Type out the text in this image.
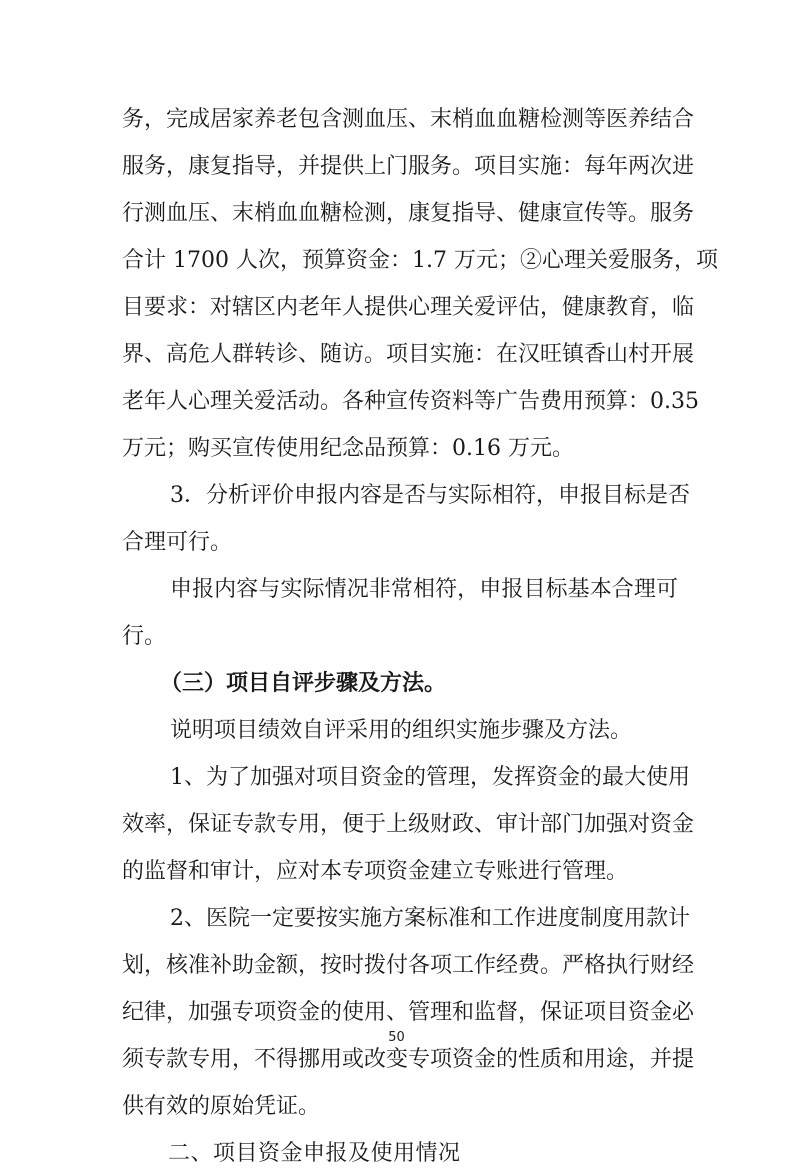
务，完成居家养老包含测血压、末梢血血糖检测等医养结合
服务，康复指导，并提供上门服务。项目实施：每年两次进
行测血压、末梢血血糖检测，康复指导、健康宣传等。服务
合计 1700 人次，预算资金：1.7 万元；②心理关爱服务，项
目要求：对辖区内老年人提供心理关爱评估，健康教育，临
界、高危人群转诊、随访。项目实施：在汉旺镇香山村开展
老年人心理关爱活动。各种宣传资料等广告费用预算：0.35
万元；购买宣传使用纪念品预算：0.16 万元。
3．分析评价申报内容是否与实际相符，申报目标是否
合理可行。
申报内容与实际情况非常相符，申报目标基本合理可
行。
（三）项目自评步骤及方法。
说明项目绩效自评采用的组织实施步骤及方法。
1、为了加强对项目资金的管理，发挥资金的最大使用
效率，保证专款专用，便于上级财政、审计部门加强对资金
的监督和审计，应对本专项资金建立专账进行管理。
2、医院一定要按实施方案标准和工作进度制度用款计
划，核准补助金额，按时拨付各项工作经费。严格执行财经
纪律，加强专项资金的使用、管理和监督，保证项目资金必
须专款专用，不得挪用或改变专项资金的性质和用途，并提
供有效的原始凭证。
二、项目资金申报及使用情况
50
